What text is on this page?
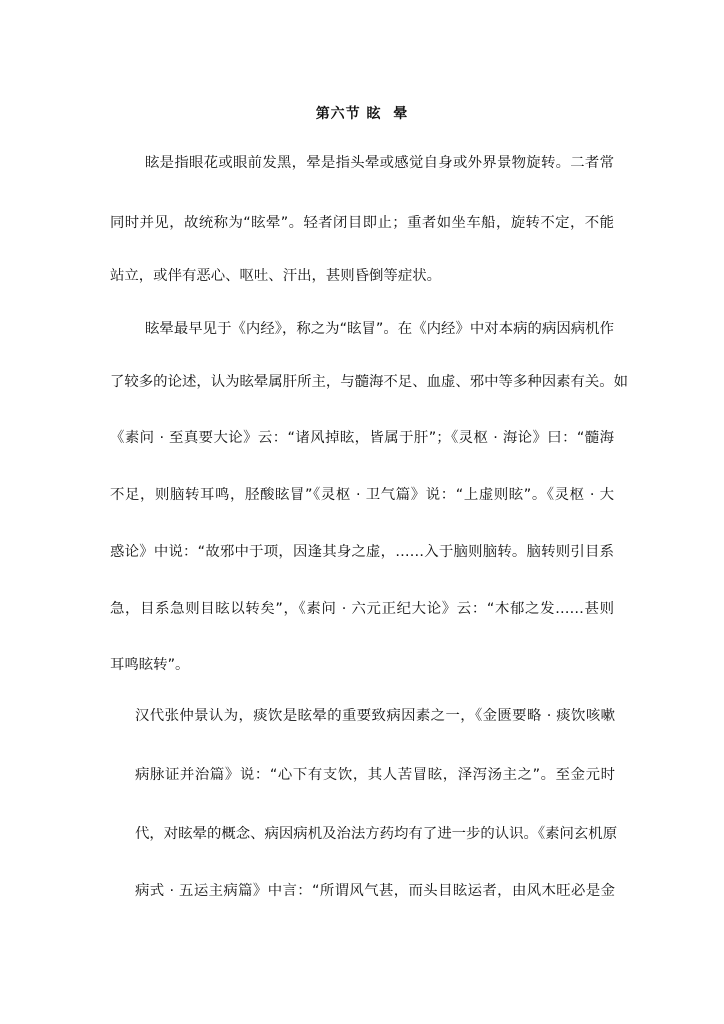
第六节 眩  晕
眩是指眼花或眼前发黑，晕是指头晕或感觉自身或外界景物旋转。二者常
同时并见，故统称为“眩晕”。轻者闭目即止；重者如坐车船，旋转不定，不能
站立，或伴有恶心、呕吐、汗出，甚则昏倒等症状。
眩晕最早见于《内经》，称之为“眩冒”。在《内经》中对本病的病因病机作
了较多的论述，认为眩晕属肝所主，与髓海不足、血虚、邪中等多种因素有关。如
《素问 · 至真要大论》云：“诸风掉眩，皆属于肝”；《灵枢 · 海论》曰：“髓海
不足，则脑转耳鸣，胫酸眩冒”《灵枢 · 卫气篇》说：“上虚则眩”。《灵枢 · 大
惑论》中说：“故邪中于项，因逢其身之虚，……入于脑则脑转。脑转则引目系
急，目系急则目眩以转矣”，《素问 · 六元正纪大论》云：“木郁之发……甚则
耳鸣眩转”。
汉代张仲景认为，痰饮是眩晕的重要致病因素之一，《金匮要略 · 痰饮咳嗽
病脉证并治篇》说：“心下有支饮，其人苦冒眩，泽泻汤主之”。至金元时
代，对眩晕的概念、病因病机及治法方药均有了进一步的认识。《素问玄机原
病式 · 五运主病篇》中言：“所谓风气甚，而头目眩运者，由风木旺必是金
